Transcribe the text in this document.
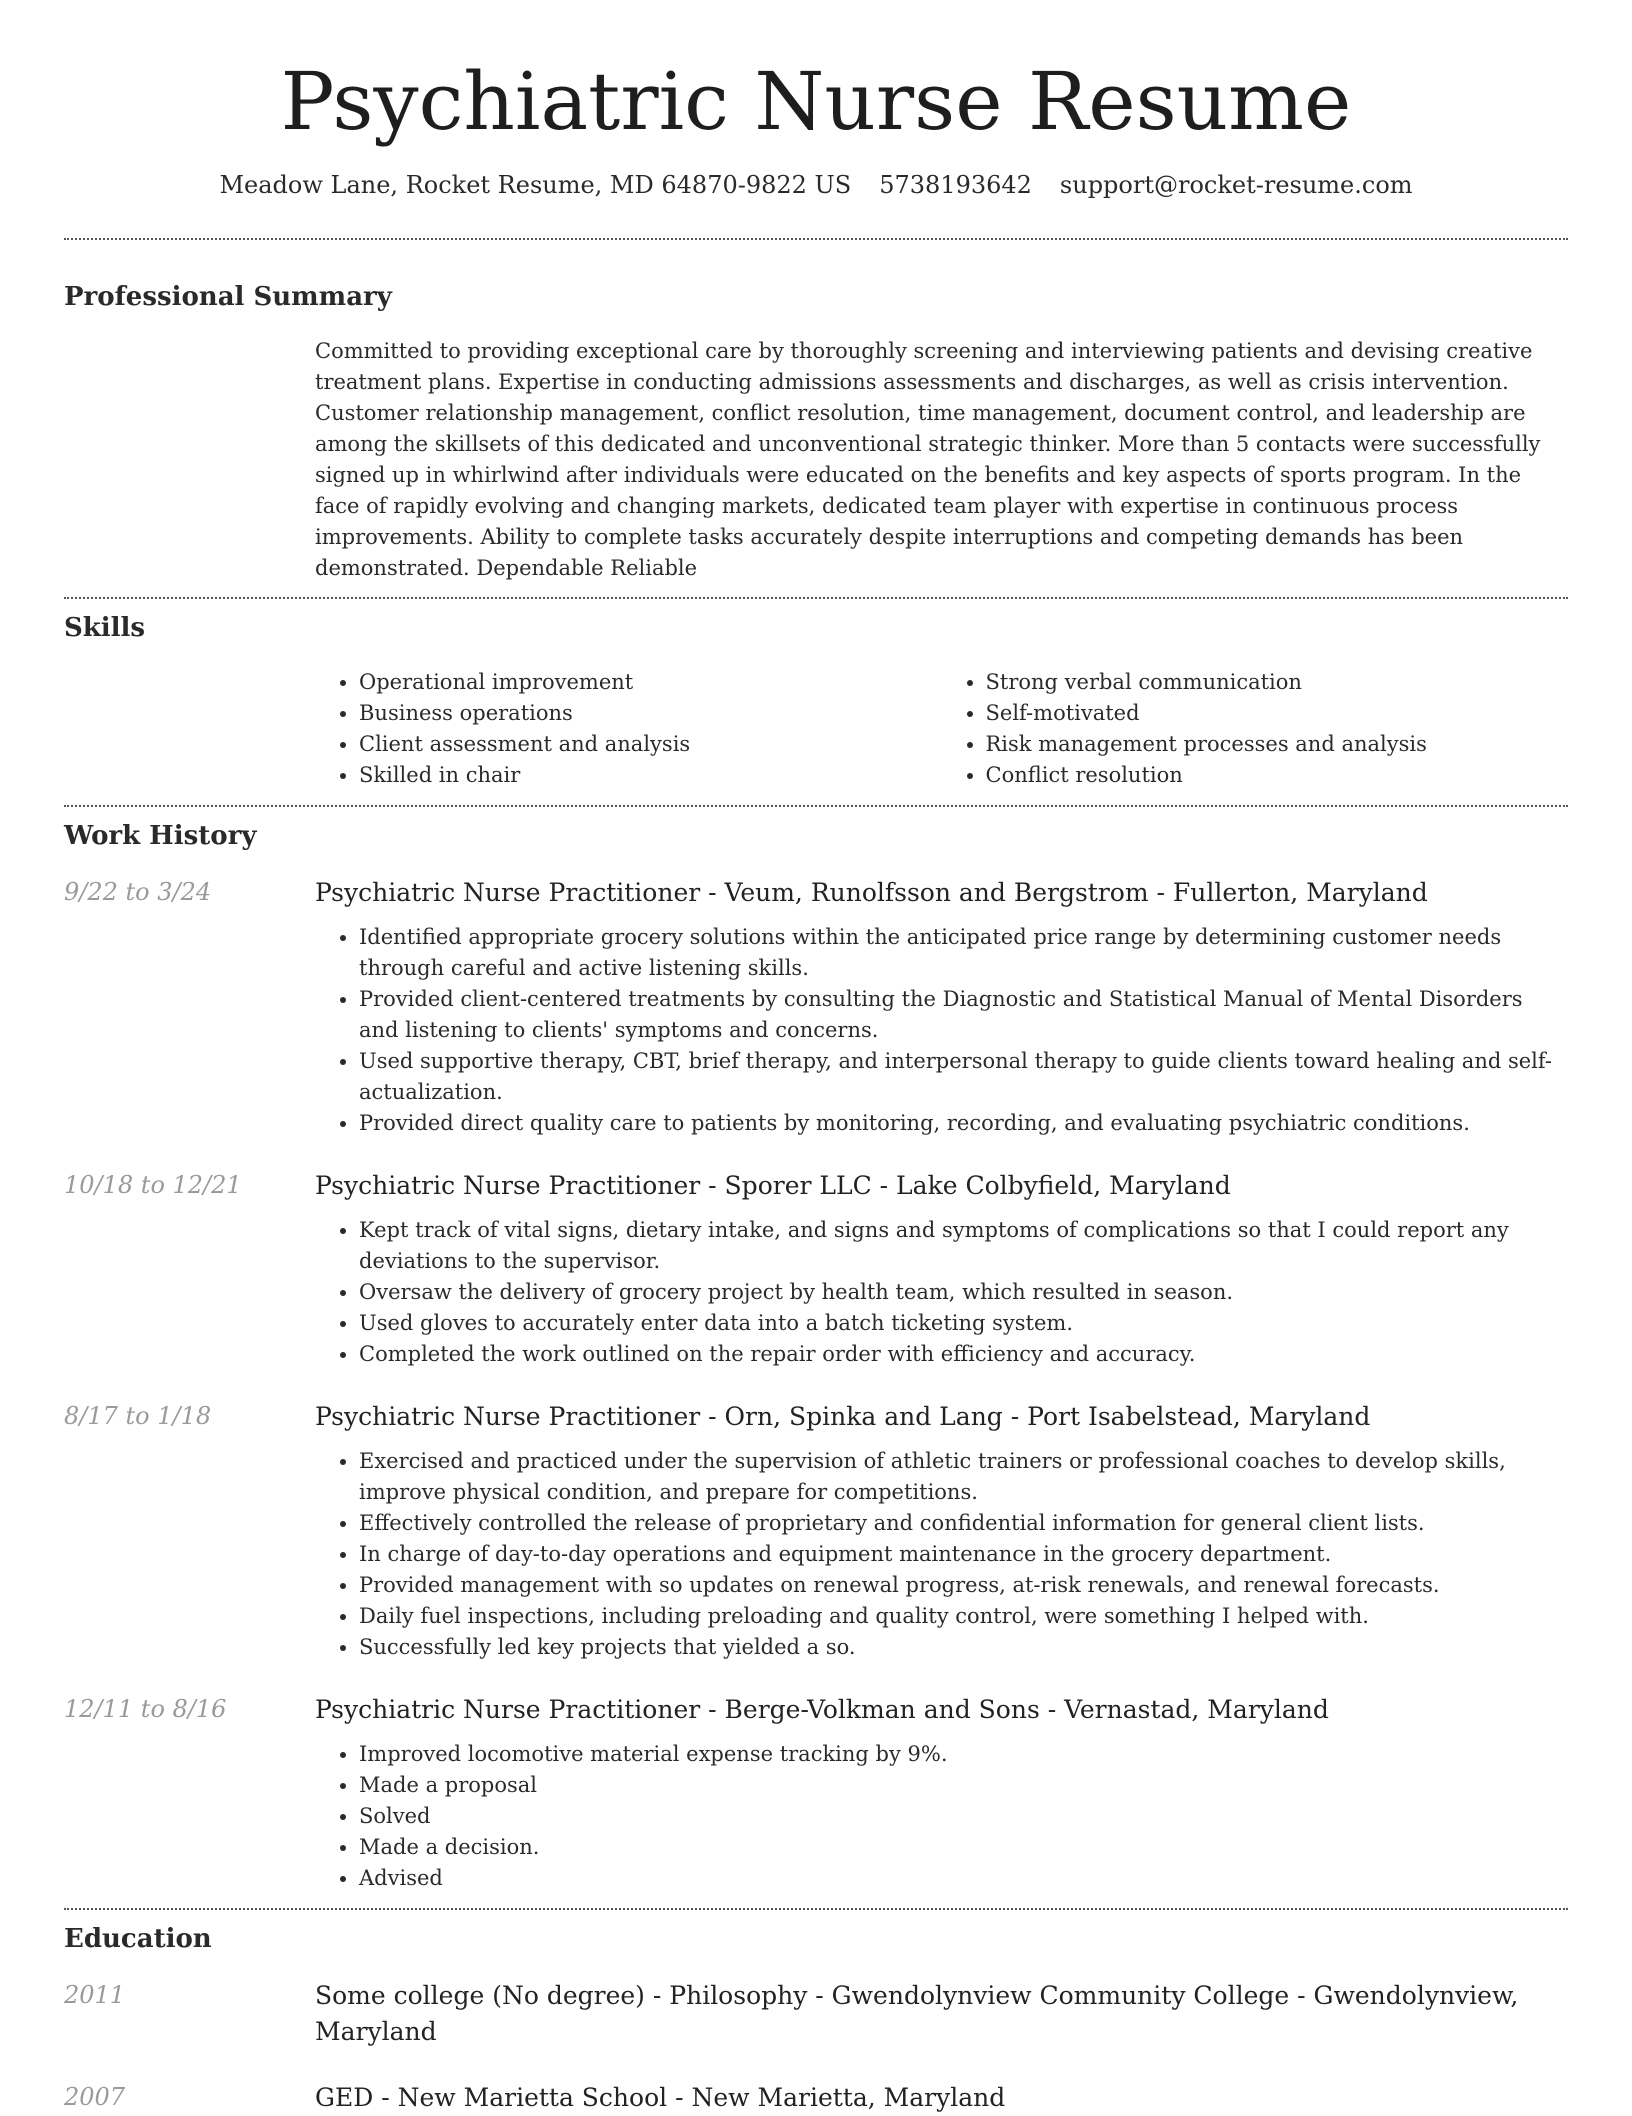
Psychiatric Nurse Resume
Meadow Lane, Rocket Resume, MD 64870-9822 US 5738193642 support@rocket-resume.com
Professional Summary

Committed to providing exceptional care by thoroughly screening and interviewing patients and devising creative treatment plans. Expertise in conducting admissions assessments and discharges, as well as crisis intervention. Customer relationship management, conflict resolution, time management, document control, and leadership are among the skillsets of this dedicated and unconventional strategic thinker. More than 5 contacts were successfully signed up in whirlwind after individuals were educated on the benefits and key aspects of sports program. In the face of rapidly evolving and changing markets, dedicated team player with expertise in continuous process improvements. Ability to complete tasks accurately despite interruptions and competing demands has been demonstrated. Dependable Reliable

Skills
• Operational improvement
• Business operations
• Client assessment and analysis
• Skilled in chair
• Strong verbal communication
• Self-motivated
• Risk management processes and analysis
• Conflict resolution
Work History
9/22 to 3/24	Psychiatric Nurse Practitioner - Veum, Runolfsson and Bergstrom - Fullerton, Maryland
• Identified appropriate grocery solutions within the anticipated price range by determining customer needs through careful and active listening skills.
• Provided client-centered treatments by consulting the Diagnostic and Statistical Manual of Mental Disorders and listening to clients' symptoms and concerns.
• Used supportive therapy, CBT, brief therapy, and interpersonal therapy to guide clients toward healing and self-actualization.
• Provided direct quality care to patients by monitoring, recording, and evaluating psychiatric conditions.
10/18 to 12/21	Psychiatric Nurse Practitioner - Sporer LLC - Lake Colbyfield, Maryland
• Kept track of vital signs, dietary intake, and signs and symptoms of complications so that I could report any deviations to the supervisor.
• Oversaw the delivery of grocery project by health team, which resulted in season.
• Used gloves to accurately enter data into a batch ticketing system.
• Completed the work outlined on the repair order with efficiency and accuracy.
8/17 to 1/18	Psychiatric Nurse Practitioner - Orn, Spinka and Lang - Port Isabelstead, Maryland
• Exercised and practiced under the supervision of athletic trainers or professional coaches to develop skills, improve physical condition, and prepare for competitions.
• Effectively controlled the release of proprietary and confidential information for general client lists.
• In charge of day-to-day operations and equipment maintenance in the grocery department.
• Provided management with so updates on renewal progress, at-risk renewals, and renewal forecasts.
• Daily fuel inspections, including preloading and quality control, were something I helped with.
• Successfully led key projects that yielded a so.
12/11 to 8/16	Psychiatric Nurse Practitioner - Berge-Volkman and Sons - Vernastad, Maryland
• Improved locomotive material expense tracking by 9%.
• Made a proposal
• Solved
• Made a decision.
• Advised
Education
2011	Some college (No degree) - Philosophy - Gwendolynview Community College - Gwendolynview, Maryland
2007	GED - New Marietta School - New Marietta, Maryland
